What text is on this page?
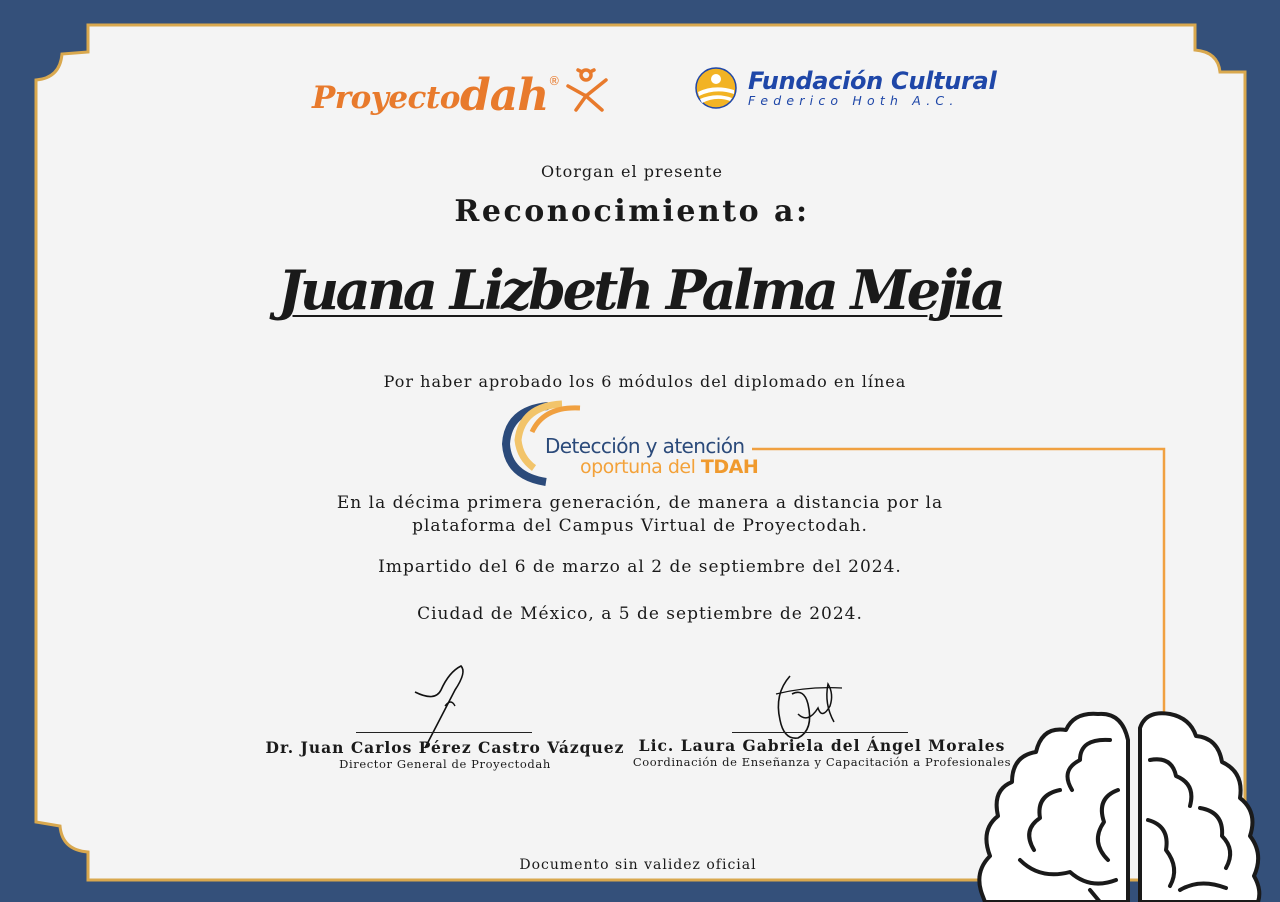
Proyecto dah ®	Fundación Cultural
Federico Hoth A.C.
Otorgan el presente
Reconocimiento a:
Juana Lizbeth Palma Mejia
Por haber aprobado los 6 módulos del diplomado en línea
Detección y atención
oportuna del TDAH
En la décima primera generación, de manera a distancia por la
plataforma del Campus Virtual de Proyectodah.
Impartido del 6 de marzo al 2 de septiembre del 2024.
Ciudad de México, a 5 de septiembre de 2024.
Dr. Juan Carlos Pérez Castro Vázquez
Director General de Proyectodah
Lic. Laura Gabriela del Ángel Morales
Coordinación de Enseñanza y Capacitación a Profesionales
Documento sin validez oficial
